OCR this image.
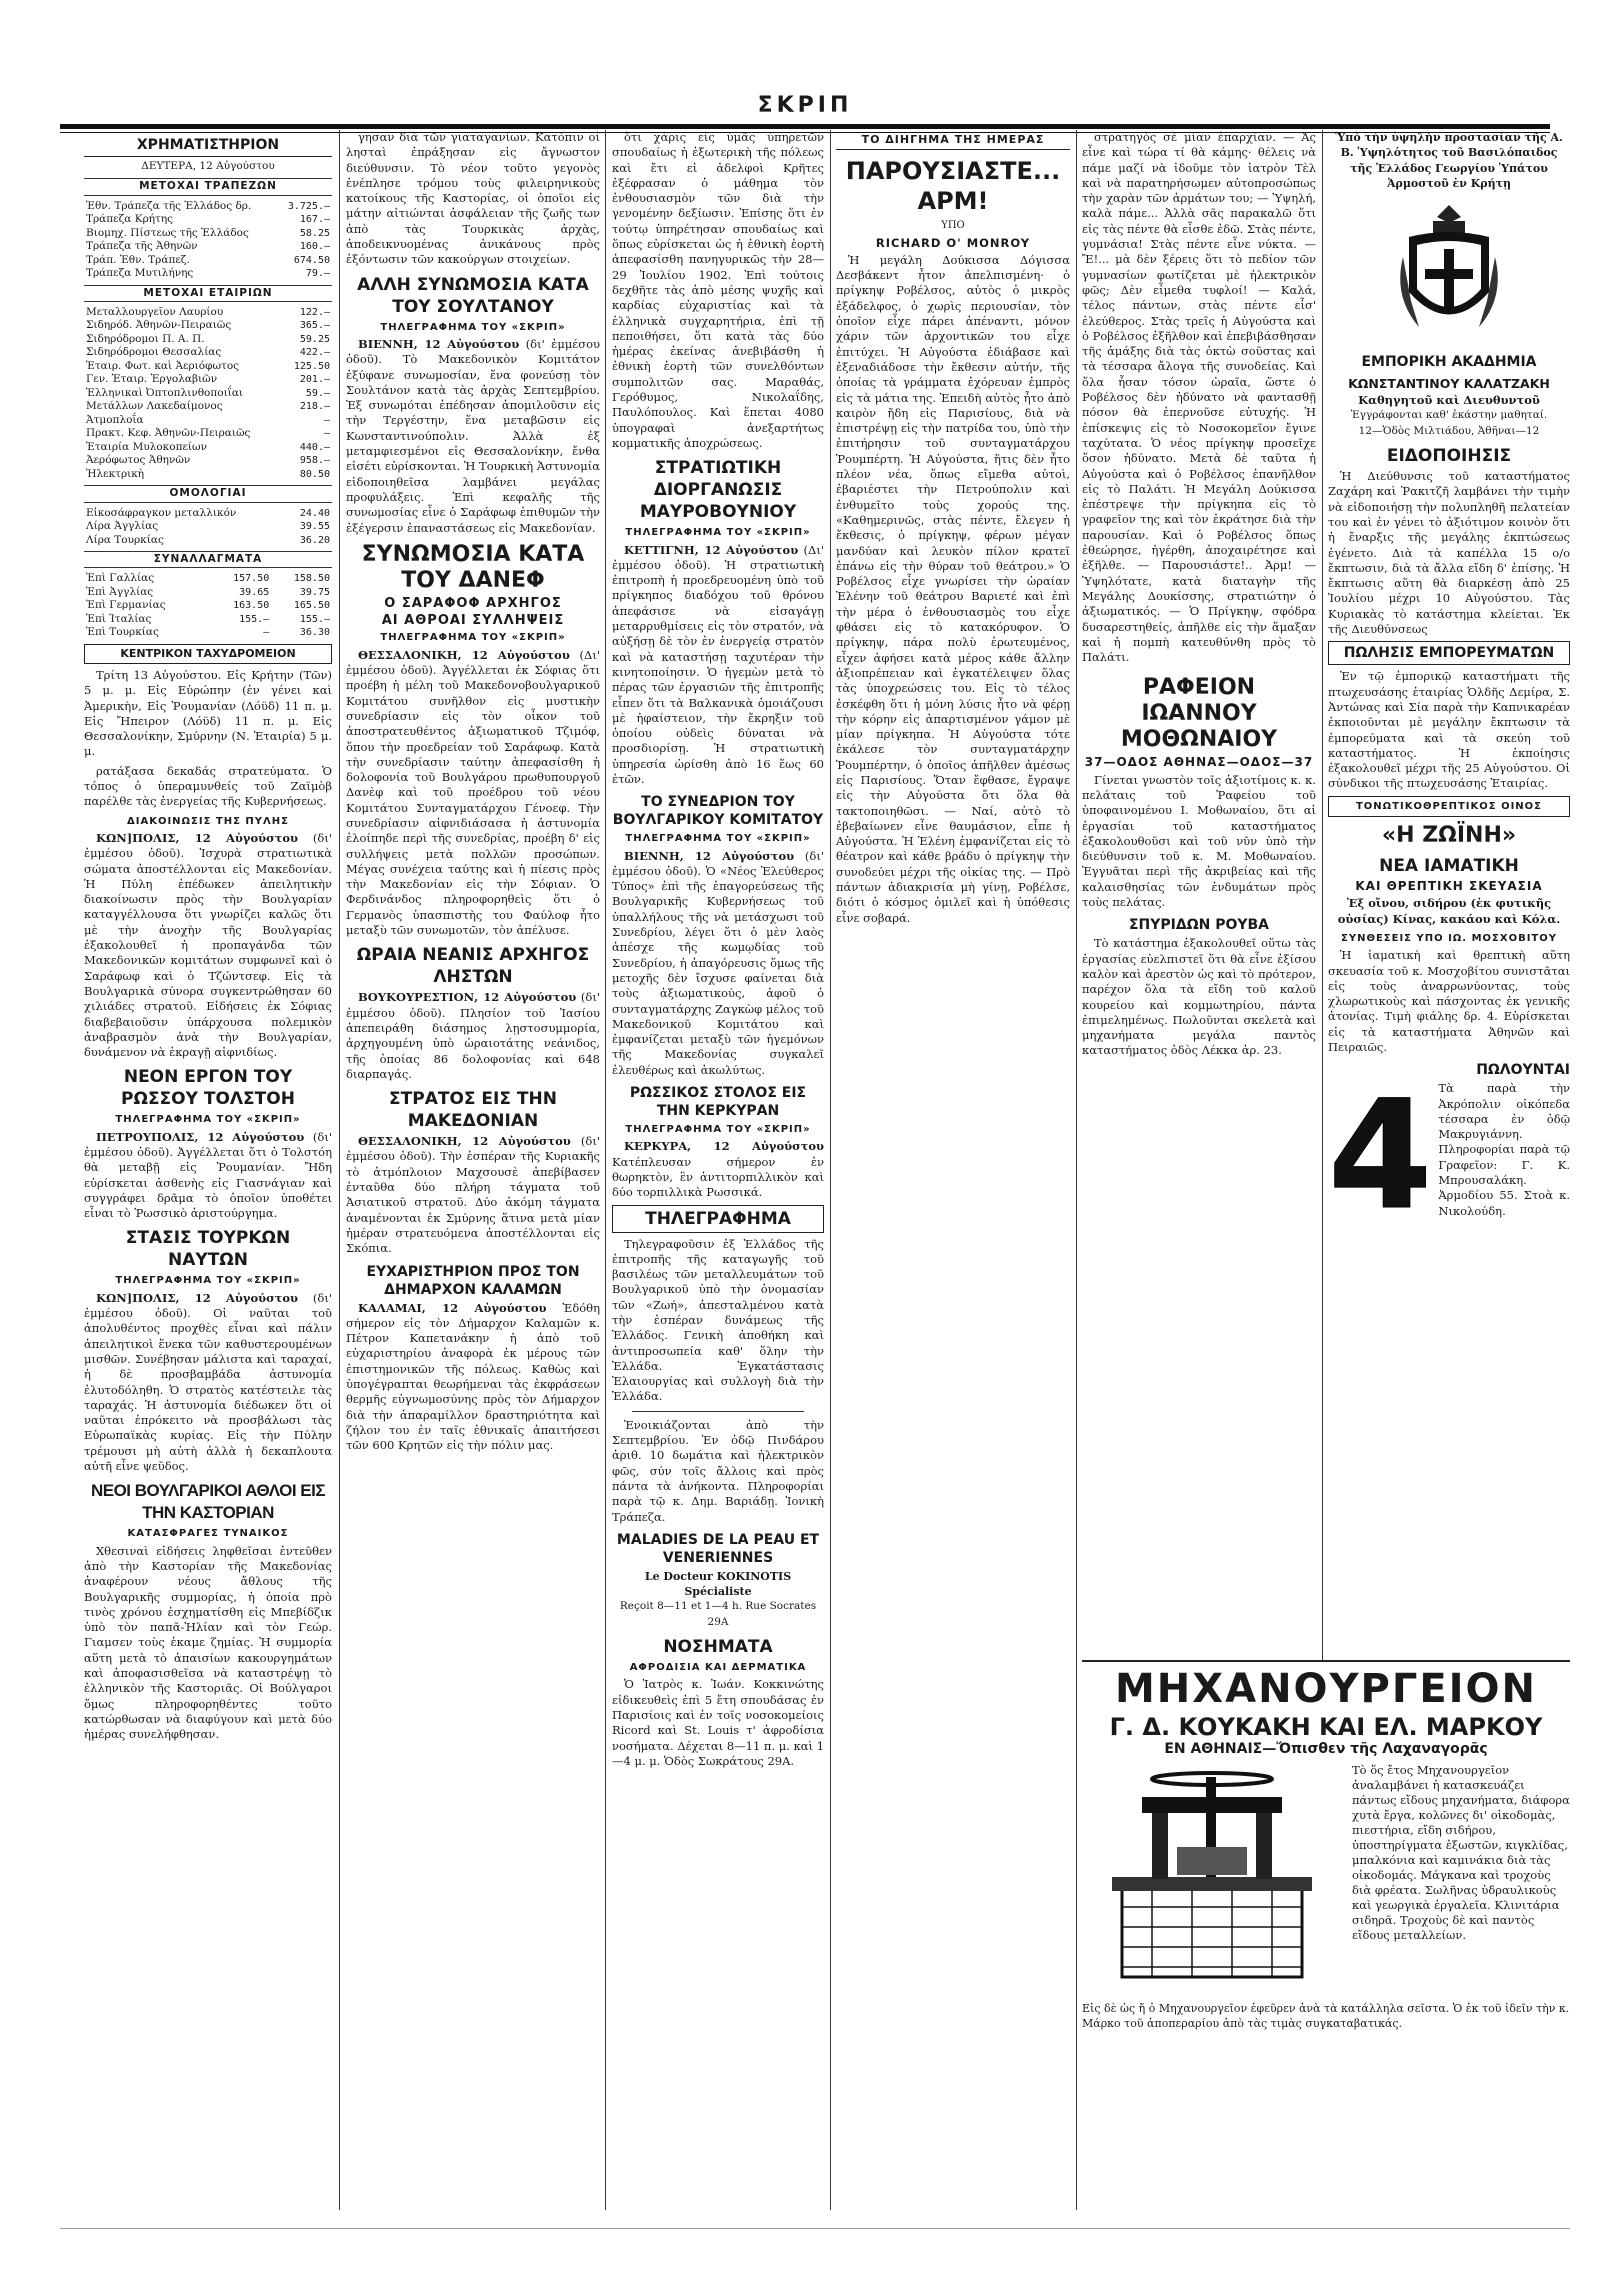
ΣΚΡΙΠ
ΧΡΗΜΑΤΙΣΤΗΡΙΟΝ
ΔΕΥΤΕΡΑ, 12 Αὐγούστου
ΜΕΤΟΧΑΙ ΤΡΑΠΕΖΩΝ
Ἐθν. Τράπεζα τῆς Ἑλλάδος δρ.	3.725.—
Τράπεζα Κρήτης	167.—
Βιομηχ. Πίστεως τῆς Ἑλλάδος	58.25
Τράπεζα τῆς Ἀθηνῶν	160.—
Τράπ. Ἐθν. Τράπεζ.	674.50
Τράπεζα Μυτιλήνης	79.—
ΜΕΤΟΧΑΙ ΕΤΑΙΡΙΩΝ
Μεταλλουργεῖον Λαυρίου	122.—
Σιδηρόδ. Ἀθηνῶν-Πειραιῶς	365.—
Σιδηρόδρομοι Π. Α. Π.	59.25
Σιδηρόδρομοι Θεσσαλίας	422.—
Ἑταιρ. Φωτ. καὶ Ἀεριόφωτος	125.50
Γεν. Ἑταιρ. Ἐργολαβιῶν	201.—
Ἑλληνικαὶ Ὀπτοπλινθοποιΐαι	59.—
Μετάλλων Λακεδαίμονος	218.—
Ἀτμοπλοΐα	—
Πρακτ. Κεφ. Ἀθηνῶν-Πειραιῶς	—
Ἑταιρία Μυλοκοπείων	440.—
Ἀερόφωτος Ἀθηνῶν	958.—
Ἠλεκτρικὴ	80.50
ΟΜΟΛΟΓΙΑΙ
Εἰκοσάφραγκον μεταλλικόν	24.40
Λίρα Ἀγγλίας	39.55
Λίρα Τουρκίας	36.20
ΣΥΝΑΛΛΑΓΜΑΤΑ
Ἐπὶ Γαλλίας	157.50	158.50
Ἐπὶ Ἀγγλίας	39.65	39.75
Ἐπὶ Γερμανίας	163.50	165.50
Ἐπὶ Ἰταλίας	155.—	155.—
Ἐπὶ Τουρκίας	—	36.30
ΚΕΝΤΡΙΚΟΝ ΤΑΧΥΔΡΟΜΕΙΟΝ

Τρίτη 13 Αὐγούστου. Εἰς Κρήτην (Τῶν) 5 μ. μ. Εἰς Εὐρώπην (ἐν γένει καὶ Ἀμερικὴν, Εἰς Ῥουμανίαν (Λόϋδ) 11 π. μ. Εἰς Ἤπειρον (Λόϋδ) 11 π. μ. Εἰς Θεσσαλονίκην, Σμύρνην (Ν. Ἑταιρία) 5 μ. μ.

ρατάξασα δεκαδάς στρατεύματα. Ὁ τόπος ὁ ὑπεραμυνθείς τοῦ Ζαϊμὸβ παρέλθε τὰς ἐνεργείας τῆς Κυβερνήσεως.

ΔΙΑΚΟΙΝΩΣΙΣ ΤΗΣ ΠΥΛΗΣ

ΚΩΝ]ΠΟΛΙΣ, 12 Αὐγούστου (δι' ἐμμέσου ὁδοῦ). Ἰσχυρὰ στρατιωτικὰ σώματα ἀποστέλλονται εἰς Μακεδονίαν. Ἡ Πύλη ἐπέδωκεν ἀπειλητικὴν διακοίνωσιν πρὸς τὴν Βουλγαρίαν καταγγέλλουσα ὅτι γνωρίζει καλῶς ὅτι μὲ τὴν ἀνοχὴν τῆς Βουλγαρίας ἐξακολουθεῖ ἡ προπαγάνδα τῶν Μακεδονικῶν κομιτάτων συμφωνεῖ καὶ ὁ Σαράφωφ καὶ ὁ Τζώντσεφ. Εἰς τὰ Βουλγαρικὰ σύνορα συγκεντρώθησαν 60 χιλιάδες στρατοῦ. Εἰδήσεις ἐκ Σόφιας διαβεβαιοῦσιν ὑπάρχουσα πολεμικὸν ἀναβρασμὸν ἀνὰ τὴν Βουλγαρίαν, δυνάμενον νὰ ἐκραγῇ αἰφνιδίως.

ΝΕΟΝ ΕΡΓΟΝ ΤΟΥ ΡΩΣΣΟΥ ΤΟΛΣΤΟΗ
ΤΗΛΕΓΡΑΦΗΜΑ ΤΟΥ «ΣΚΡΙΠ»

ΠΕΤΡΟΥΠΟΛΙΣ, 12 Αὐγούστου (δι' ἐμμέσου ὁδοῦ). Ἀγγέλλεται ὅτι ὁ Τολστόη θὰ μεταβῇ εἰς Ῥουμανίαν. Ἤδη εὐρίσκεται ἀσθενὴς εἰς Γιασνάγιαν καὶ συγγράφει δρᾶμα τὸ ὁποῖον ὑποθέτει εἶναι τὸ Ῥωσσικὸ ἀριστούργημα.

ΣΤΑΣΙΣ ΤΟΥΡΚΩΝ ΝΑΥΤΩΝ
ΤΗΛΕΓΡΑΦΗΜΑ ΤΟΥ «ΣΚΡΙΠ»

ΚΩΝ]ΠΟΛΙΣ, 12 Αὐγούστου (δι' ἐμμέσου ὁδοῦ). Οἱ ναῦται τοῦ ἀπολυθέντος προχθὲς εἶναι καὶ πάλιν ἀπειλητικοὶ ἕνεκα τῶν καθυστερουμένων μισθῶν. Συνέβησαν μάλιστα καὶ ταραχαί, ἡ δὲ προσβαμβάδα ἀστυνομία ἐλυτοδόληθη. Ὁ στρατὸς κατέστειλε τὰς ταραχάς. Ἡ ἀστυνομία διέδωκεν ὅτι οἱ ναῦται ἐπρόκειτο νὰ προσβάλωσι τὰς Εὐρωπαϊκὰς κυρίας. Εἰς τὴν Πύλην τρέμουσι μὴ αὐτὴ ἀλλὰ ἡ δεκαπλουτα αὐτῆ εἶνε ψεῦδος.

ΝΕΟΙ ΒΟΥΛΓΑΡΙΚΟΙ ΑΘΛΟΙ ΕΙΣ ΤΗΝ ΚΑΣΤΟΡΙΑΝ
ΚΑΤΑΣΦΡΑΓΕΣ ΤΥΝΑΙΚΟΣ

Χθεσιναὶ εἰδήσεις ληφθεῖσαι ἐντεῦθεν ἀπὸ τὴν Καστορίαν τῆς Μακεδονίας ἀναφέρουν νέους ἄθλους τῆς Βουλγαρικῆς συμμορίας, ἡ ὁποία πρὸ τινὸς χρόνου ἐσχηματίσθη εἰς Μπεβίδζικ ὑπὸ τὸν παπᾶ-Ἠλίαν καὶ τὸν Γεώρ. Γιαμσεν τοὺς ἐκαμε ζημίας. Ἡ συμμορία αὕτη μετὰ τὸ ἀπαισίων κακουργημάτων καὶ ἀποφασισθεῖσα νὰ καταστρέψῃ τὸ ἐλληνικὸν τῆς Καστοριᾶς. Οἱ Βούλγαροι ὅμως πληροφορηθέντες τοῦτο κατώρθωσαν νὰ διαφύγουν καὶ μετὰ δύο ἡμέρας συνελήφθησαν.

γησαν διὰ τῶν γιαταγανίων. Κατόπιν οἱ λησταὶ ἐπράξησαν εἰς ἄγνωστον διεύθυνσιν. Τὸ νέον τοῦτο γεγονὸς ἐνέπλησε τρόμου τοὺς φιλειρηνικοὺς κατοίκους τῆς Καστορίας, οἱ ὁποῖοι εἰς μάτην αἰτιώνται ἀσφάλειαν τῆς ζωῆς των ἀπὸ τὰς Τουρκικὰς ἀρχὰς, ἀποδεικνυομένας ἀνικάνους πρὸς ἐξόντωσιν τῶν κακούργων στοιχείων.

ΑΛΛΗ ΣΥΝΩΜΟΣΙΑ ΚΑΤΑ ΤΟΥ ΣΟΥΛΤΑΝΟΥ
ΤΗΛΕΓΡΑΦΗΜΑ ΤΟΥ «ΣΚΡΙΠ»

ΒΙΕΝΝΗ, 12 Αὐγούστου (δι' ἐμμέσου ὁδοῦ). Τὸ Μακεδονικὸν Κομιτάτον ἐξύφανε συνωμοσίαν, ἕνα φονεύσῃ τὸν Σουλτάνον κατὰ τὰς ἀρχὰς Σεπτεμβρίου. Ἐξ συνωμόται ἐπέδησαν ἀπομιλοῦσιν εἰς τὴν Τεργέστην, ἕνα μεταβῶσιν εἰς Κωνσταντινούπολιν. Ἀλλὰ ἐξ μεταμφιεσμένοι εἰς Θεσσαλονίκην, ἔνθα εἰσέτι εὑρίσκονται. Ἡ Τουρκικὴ Ἀστυνομία εἰδοποιηθεῖσα λαμβάνει μεγάλας προφυλάξεις. Ἐπὶ κεφαλῆς τῆς συνωμοσίας εἶνε ὁ Σαράφωφ ἐπιθυμῶν τὴν ἐξέγερσιν ἐπαναστάσεως εἰς Μακεδονίαν.

ΣΥΝΩΜΟΣΙΑ ΚΑΤΑ ΤΟΥ ΔΑΝΕΦ
Ο ΣΑΡΑΦΟΦ ΑΡΧΗΓΟΣ
ΑΙ ΑΘΡΟΑΙ ΣΥΛΛΗΨΕΙΣ
ΤΗΛΕΓΡΑΦΗΜΑ ΤΟΥ «ΣΚΡΙΠ»

ΘΕΣΣΑΛΟΝΙΚΗ, 12 Αὐγούστου (Δι' ἐμμέσου ὁδοῦ). Ἀγγέλλεται ἐκ Σόφιας ὅτι προέβη ἡ μέλη τοῦ Μακεδονοβουλγαρικοῦ Κομιτάτου συνῆλθον εἰς μυστικὴν συνεδρίασιν εἰς τὸν οἶκον τοῦ ἀποστρατευθέντος ἀξιωματικοῦ Τζιμόφ, ὅπου τὴν προεδρείαν τοῦ Σαράφωφ. Κατὰ τὴν συνεδρίασιν ταύτην ἀπεφασίσθη ἡ δολοφονία τοῦ Βουλγάρου πρωθυπουργοῦ Δανὲφ καὶ τοῦ προέδρου τοῦ νέου Κομιτάτου Συνταγματάρχου Γένοεφ. Τὴν συνεδρίασιν αἰφνιδιάσασα ἡ ἀστυνομία ἐλοίπηδε περὶ τῆς συνεδρίας, προέβη δ' εἰς συλλήψεις μετὰ πολλῶν προσώπων. Μέγας συνέχεια ταύτης καὶ ἡ πίεσις πρὸς τὴν Μακεδονίαν εἰς τὴν Σόφιαν. Ὁ Φερδινάνδος πληροφορηθεὶς ὅτι ὁ Γερμανὸς ὑπασπιστὴς του Φαύλοφ ἦτο μεταξὺ τῶν συνωμοτῶν, τὸν ἀπέλυσε.

ΩΡΑΙΑ ΝΕΑΝΙΣ ΑΡΧΗΓΟΣ ΛΗΣΤΩΝ

ΒΟΥΚΟΥΡΕΣΤΙΟΝ, 12 Αὐγούστου (δι' ἐμμέσου ὁδοῦ). Πλησίον τοῦ Ἰασίου ἀπεπειράθη διάσημος λῃστοσυμμορία, ἀρχηγουμένη ὑπὸ ὡραιοτάτης νεάνιδος, τῆς ὁποίας 86 δολοφονίας καὶ 648 διαρπαγάς.

ΣΤΡΑΤΟΣ ΕΙΣ ΤΗΝ ΜΑΚΕΔΟΝΙΑΝ

ΘΕΣΣΑΛΟΝΙΚΗ, 12 Αὐγούστου (δι' ἐμμέσου ὁδοῦ). Τὴν ἐσπέραν τῆς Κυριακῆς τὸ ἀτμόπλοιον Μαχσουσὲ ἀπεβίβασεν ἐνταῦθα δύο πλήρη τάγματα τοῦ Ἀσιατικοῦ στρατοῦ. Δύο ἀκόμη τάγματα ἀναμένονται ἐκ Σμύρνης ἅτινα μετὰ μίαν ἡμέραν στρατευόμενα ἀποστέλλονται εἰς Σκόπια.

ΕΥΧΑΡΙΣΤΗΡΙΟΝ ΠΡΟΣ ΤΟΝ ΔΗΜΑΡΧΟΝ ΚΑΛΑΜΩΝ

ΚΑΛΑΜΑΙ, 12 Αὐγούστου Ἐδόθη σήμερον εἰς τὸν Δήμαρχον Καλαμῶν κ. Πέτρον Καπετανάκην ἡ ἀπὸ τοῦ εὐχαριστηρίου ἀναφορὰ ἐκ μέρους τῶν ἐπιστημονικῶν τῆς πόλεως. Καθὼς καὶ ὑπογέγραπται θεωρήμεναι τὰς ἐκφράσεων θερμῆς εὐγνωμοσύνης πρὸς τὸν Δήμαρχον διὰ τὴν ἀπαραμίλλον δραστηριότητα καὶ ζήλον του ἐν ταῖς ἐθνικαῖς ἀπαιτήσεσι τῶν 600 Κρητῶν εἰς τὴν πόλιν μας.

ὅτι χάρις εἰς ὑμᾶς ὑπηρετῶν σπουδαίως ἡ ἐξωτερικὴ τῆς πόλεως καὶ ἔτι εἰ ἀδελφοὶ Κρῆτες ἐξέφρασαν ὁ μάθημα τὸν ἐνθουσιασμὸν τῶν διὰ τὴν γενομένην δεξίωσιν. Ἐπίσης ὅτι ἐν τούτῳ ὑπηρέτησαν σπουδαίως καὶ ὅπως εὑρίσκεται ὡς ἡ ἐθνικὴ ἑορτὴ ἀπεφασίσθη πανηγυρικῶς τὴν 28—29 Ἰουλίου 1902. Ἐπὶ τούτοις δεχθῆτε τὰς ἀπὸ μέσης ψυχῆς καὶ καρδίας εὐχαριστίας καὶ τὰ ἑλληνικὰ συγχαρητήρια, ἐπὶ τῇ πεποιθήσει, ὅτι κατὰ τὰς δύο ἡμέρας ἐκείνας ἀνεβιβάσθη ἡ ἐθνικὴ ἑορτὴ τῶν συνελθόντων συμπολιτῶν σας. Μαραθάς, Γερόθυμος, Νικολαΐδης, Παυλόπουλος. Καὶ ἕπεται 4080 ὑπογραφαὶ ἀνεξαρτήτως κομματικῆς ἀποχρώσεως.

ΣΤΡΑΤΙΩΤΙΚΗ ΔΙΟΡΓΑΝΩΣΙΣ ΜΑΥΡΟΒΟΥΝΙΟΥ
ΤΗΛΕΓΡΑΦΗΜΑ ΤΟΥ «ΣΚΡΙΠ»

ΚΕΤΤΙΓΝΗ, 12 Αὐγούστου (Δι' ἐμμέσου ὁδοῦ). Ἡ στρατιωτικὴ ἐπιτροπὴ ἡ προεδρευομένη ὑπὸ τοῦ πρίγκηπος διαδόχου τοῦ θρόνου ἀπεφάσισε νὰ εἰσαγάγῃ μεταρρυθμίσεις εἰς τὸν στρατόν, νὰ αὐξήσῃ δὲ τὸν ἐν ἐνεργείᾳ στρατὸν καὶ νὰ καταστήσῃ ταχυτέραν τὴν κινητοποίησιν. Ὁ ἠγεμὼν μετὰ τὸ πέρας τῶν ἐργασιῶν τῆς ἐπιτροπῆς εἶπεν ὅτι τὰ Βαλκανικὰ ὁμοιάζουσι μὲ ἡφαίστειον, τὴν ἔκρηξιν τοῦ ὁποίου οὐδεὶς δύναται νὰ προσδιορίσῃ. Ἡ στρατιωτικὴ ὑπηρεσία ὡρίσθη ἀπὸ 16 ἕως 60 ἐτῶν.

ΤΟ ΣΥΝΕΔΡΙΟΝ ΤΟΥ ΒΟΥΛΓΑΡΙΚΟΥ ΚΟΜΙΤΑΤΟΥ
ΤΗΛΕΓΡΑΦΗΜΑ ΤΟΥ «ΣΚΡΙΠ»

ΒΙΕΝΝΗ, 12 Αὐγούστου (δι' ἐμμέσου ὁδοῦ). Ὁ «Νέος Ἐλεύθερος Τύπος» ἐπὶ τῆς ἐπαγορεύσεως τῆς Βουλγαρικῆς Κυβερνήσεως τοῦ ὑπαλλήλους τῆς νὰ μετάσχωσι τοῦ Συνεδρίου, λέγει ὅτι ὁ μὲν λαὸς ἀπέσχε τῆς κωμῳδίας τοῦ Συνεδρίου, ἡ ἀπαγόρευσις ὅμως τῆς μετοχῆς δὲν ἴσχυσε φαίνεται διὰ τοὺς ἀξιωματικούς, ἀφοῦ ὁ συνταγματάρχης Ζαγκὼφ μέλος τοῦ Μακεδονικοῦ Κομιτάτου καὶ ἐμφανίζεται μεταξὺ τῶν ἡγεμόνων τῆς Μακεδονίας συγκαλεῖ ἐλευθέρως καὶ ἀκωλύτως.

ΡΩΣΣΙΚΟΣ ΣΤΟΛΟΣ ΕΙΣ ΤΗΝ ΚΕΡΚΥΡΑΝ
ΤΗΛΕΓΡΑΦΗΜΑ ΤΟΥ «ΣΚΡΙΠ»

ΚΕΡΚΥΡΑ, 12 Αὐγούστου Κατέπλευσαν σήμερον ἐν θωρηκτὸν, ἓν ἀντιτορπιλλικὸν καὶ δύο τορπιλλικὰ Ρωσσικά.

ΤΗΛΕΓΡΑΦΗΜΑ

Τηλεγραφοῦσιν ἐξ Ἑλλάδος τῆς ἐπιτροπῆς τῆς καταγωγῆς τοῦ βασιλέως τῶν μεταλλευμάτων τοῦ Βουλγαρικοῦ ὑπὸ τὴν ὀνομασίαν τῶν «Ζωή», ἀπεσταλμένου κατὰ τὴν ἐσπέραν δυνάμεως τῆς Ἑλλάδος. Γενικὴ ἀποθήκη καὶ ἀντιπροσωπεία καθ' ὅλην τὴν Ἑλλάδα. Ἐγκατάστασις Ἐλαιουργίας καὶ συλλογὴ διὰ τὴν Ἑλλάδα.

Ἐνοικιάζονται ἀπὸ τὴν Σεπτεμβρίου. Ἐν ὁδῷ Πινδάρου ἀριθ. 10 δωμάτια καὶ ἠλεκτρικὸν φῶς, σύν τοῖς ἄλλοις καὶ πρὸς πάντα τὰ ἀνήκοντα. Πληροφορίαι παρὰ τῷ κ. Δημ. Βαριάδῃ. Ἰονικὴ Τράπεζα.

MALADIES DE LA PEAU ET VENERIENNES
Le Docteur KOKINOTIS Spécialiste
Reçoit 8—11 et 1—4 h. Rue Socrates 29A
ΝΟΣΗΜΑΤΑ
ΑΦΡΟΔΙΣΙΑ ΚΑΙ ΔΕΡΜΑΤΙΚΑ

Ὁ Ἰατρὸς κ. Ἰωάν. Κοκκινώτης εἰδικευθεὶς ἐπὶ 5 ἔτη σπουδάσας ἐν Παρισίοις καὶ ἐν τοῖς νοσοκομείοις Ricord καὶ St. Louis τ' ἀφροδίσια νοσήματα. Δέχεται 8—11 π. μ. καὶ 1—4 μ. μ. Ὁδὸς Σωκράτους 29Α.

ΤΟ ΔΙΗΓΗΜΑ ΤΗΣ ΗΜΕΡΑΣ
ΠΑΡΟΥΣΙΑΣΤΕ... ΑΡΜ!
ΥΠΟ
RICHARD O' MONROY

Ἡ μεγάλη Δούκισσα Δόγισσα Δεσβάκεντ ἦτον ἀπελπισμένη· ὁ πρίγκηψ Ροβέλσος, αὐτὸς ὁ μικρὸς ἐξάδελφος, ὁ χωρὶς περιουσίαν, τὸν ὁποῖον εἶχε πάρει ἀπέναντι, μόνον χάριν τῶν ἀρχοντικῶν του εἶχε ἐπιτύχει. Ἡ Αὐγούστα ἐδιάβασε καὶ ἐξεναδιάδοσε τὴν ἔκθεσιν αὐτήν, τῆς ὁποίας τὰ γράμματα ἐχόρευαν ἐμπρὸς εἰς τὰ μάτια της. Ἐπειδὴ αὐτὸς ἦτο ἀπὸ καιρὸν ἤδη εἰς Παρισίους, διὰ νὰ ἐπιστρέψῃ εἰς τὴν πατρίδα του, ὑπὸ τὴν ἐπιτήρησιν τοῦ συνταγματάρχου Ῥουμπέρτη. Ἡ Αὐγούστα, ἥτις δὲν ἦτο πλέον νέα, ὅπως εἴμεθα αὐτοὶ, ἐβαριέστει τὴν Πετρούπολιν καὶ ἐνθυμεῖτο τοὺς χορούς της. «Καθημερινῶς, στὰς πέντε, ἔλεγεν ἡ ἔκθεσις, ὁ πρίγκηψ, φέρων μέγαν μανδύαν καὶ λευκὸν πίλον κρατεῖ ἐπάνω εἰς τὴν θύραν τοῦ θεάτρου.» Ὁ Ροβέλσος εἶχε γνωρίσει τὴν ὡραίαν Ἐλένην τοῦ θεάτρου Βαριετέ καὶ ἐπὶ τὴν μέρα ὁ ἐνθουσιασμὸς του εἶχε φθάσει εἰς τὸ κατακόρυφον. Ὁ πρίγκηψ, πάρα πολὺ ἐρωτευμένος, εἶχεν ἀφήσει κατὰ μέρος κάθε ἄλλην ἀξιοπρέπειαν καὶ ἐγκατέλειψεν ὅλας τὰς ὑποχρεώσεις του. Εἰς τὸ τέλος ἐσκέφθη ὅτι ἡ μόνη λύσις ἦτο νὰ φέρῃ τὴν κόρην εἰς ἀπαρτισμένον γάμον μὲ μίαν πρίγκηπα. Ἡ Αὐγούστα τότε ἐκάλεσε τὸν συνταγματάρχην Ῥουμπέρτην, ὁ ὁποῖος ἀπῆλθεν ἀμέσως εἰς Παρισίους. Ὅταν ἔφθασε, ἔγραψε εἰς τὴν Αὐγούστα ὅτι ὅλα θὰ τακτοποιηθῶσι. — Ναί, αὐτὸ τὸ ἐβεβαίωνεν εἶνε θαυμάσιον, εἶπε ἡ Αὐγούστα. Ἡ Ἐλένη ἐμφανίζεται εἰς τὸ θέατρον καὶ κάθε βράδυ ὁ πρίγκηψ τὴν συνοδεύει μέχρι τῆς οἰκίας της. — Πρὸ πάντων ἀδιακρισία μὴ γίνῃ, Ροβέλσε, διότι ὁ κόσμος ὁμιλεῖ καὶ ἡ ὑπόθεσις εἶνε σοβαρά.

στρατηγὸς σὲ μίαν ἐπαρχίαν. — Ἀς εἶνε καὶ τώρα τί θὰ κάμης· θέλεις νὰ πάμε μαζί νὰ ἰδοῦμε τὸν ἰατρὸν Τὲλ καὶ νὰ παρατηρήσωμεν αὐτοπροσώπως τὴν χαρὰν τῶν ἀρμάτων του; — Ὑψηλή, καλὰ πάμε... Ἀλλὰ σᾶς παρακαλῶ ὅτι εἰς τὰς πέντε θὰ εἶσθε ἐδῶ. Στὰς πέντε, γυμνάσια! Στὰς πέντε εἶνε νύκτα. — Ἔ!... μὰ δὲν ξέρεις ὅτι τὸ πεδίον τῶν γυμνασίων φωτίζεται μὲ ἠλεκτρικὸν φῶς; Δὲν εἶμεθα τυφλοί! — Καλά, τέλος πάντων, στὰς πέντε εἶσ' ἐλεύθερος. Στὰς τρεῖς ἡ Αὐγούστα καὶ ὁ Ροβέλσος ἐξῆλθον καὶ ἐπεβιβάσθησαν τῆς ἁμάξης διὰ τὰς ὀκτὼ σοῦστας καὶ τὰ τέσσαρα ἄλογα τῆς συνοδείας. Καὶ ὅλα ἦσαν τόσον ὡραῖα, ὥστε ὁ Ροβέλσος δὲν ἠδύνατο νὰ φαντασθῇ πόσον θὰ ἐπερνοῦσε εὐτυχής. Ἡ ἐπίσκεψις εἰς τὸ Νοσοκομεῖον ἔγινε ταχύτατα. Ὁ νέος πρίγκηψ προσεῖχε ὅσον ἠδύνατο. Μετὰ δὲ ταῦτα ἡ Αὐγούστα καὶ ὁ Ροβέλσος ἐπανῆλθον εἰς τὸ Παλάτι. Ἡ Μεγάλη Δούκισσα ἐπέστρεψε τὴν πρίγκηπα εἰς τὸ γραφεῖον της καὶ τὸν ἐκράτησε διὰ τὴν παρουσίαν. Καὶ ὁ Ροβέλσος ὅπως ἐθεώρησε, ἠγέρθη, ἀποχαιρέτησε καὶ ἐξῆλθε. — Παρουσιάστε!.. Ἀρμ! — Ὑψηλότατε, κατὰ διαταγὴν τῆς Μεγάλης Δουκίσσης, στρατιώτην ὁ ἀξιωματικός. — Ὁ Πρίγκηψ, σφόδρα δυσαρεστηθείς, ἀπῆλθε εἰς τὴν ἅμαξαν καὶ ἡ πομπὴ κατευθύνθη πρὸς τὸ Παλάτι.

ΡΑΦΕΙΟΝ ΙΩΑΝΝΟΥ ΜΟΘΩΝΑΙΟΥ
37—ΟΔΟΣ ΑΘΗΝΑΣ—ΟΔΟΣ—37

Γίνεται γνωστὸν τοῖς ἀξιοτίμοις κ. κ. πελάταις τοῦ Ῥαφείου τοῦ ὑποφαινομένου Ι. Μοθωναίου, ὅτι αἱ ἐργασίαι τοῦ καταστήματος ἐξακολουθοῦσι καὶ τοῦ νῦν ὑπὸ τὴν διεύθυνσιν τοῦ κ. Μ. Μοθωναίου. Ἐγγυᾶται περὶ τῆς ἀκριβείας καὶ τῆς καλαισθησίας τῶν ἐνδυμάτων πρὸς τοὺς πελάτας.

ΣΠΥΡΙΔΩΝ ΡΟΥΒΑ

Τὸ κατάστημα ἐξακολουθεῖ οὕτω τὰς ἐργασίας εὐελπιστεῖ ὅτι θὰ εἶνε ἐξίσου καλὸν καὶ ἀρεστὸν ὡς καὶ τὸ πρότερον, παρέχον ὅλα τὰ εἴδη τοῦ καλοῦ κουρείου καὶ κομμωτηρίου, πάντα ἐπιμελημένως. Πωλοῦνται σκελετὰ καὶ μηχανήματα μεγάλα παντὸς καταστήματος ὁδὸς Λέκκα ἀρ. 23.

Ὑπὸ τὴν ὑψηλὴν προστασίαν τῆς Α. Β. Ὑψηλότητος τοῦ Βασιλόπαιδος τῆς Ἑλλάδος Γεωργίου Ὑπάτου Ἁρμοστοῦ ἐν Κρήτῃ

ΕΜΠΟΡΙΚΗ ΑΚΑΔΗΜΙΑ
ΚΩΝΣΤΑΝΤΙΝΟΥ ΚΑΛΑΤΖΑΚΗ
Καθηγητοῦ καὶ Διευθυντοῦ
Ἐγγράφονται καθ' ἑκάστην μαθηταί.
12—Ὁδὸς Μιλτιάδου, Ἀθῆναι—12
ΕΙΔΟΠΟΙΗΣΙΣ

Ἡ Διεύθυνσις τοῦ καταστήματος Ζαχάρη καὶ Ῥακιτζῆ λαμβάνει τὴν τιμὴν νὰ εἰδοποιήσῃ τὴν πολυπληθῆ πελατείαν του καὶ ἐν γένει τὸ ἀξιότιμον κοινὸν ὅτι ἡ ἔναρξις τῆς μεγάλης ἐκπτώσεως ἐγένετο. Διὰ τὰ καπέλλα 15 ο/ο ἔκπτωσιν, διὰ τὰ ἄλλα εἴδη δ' ἐπίσης. Ἡ ἔκπτωσις αὕτη θὰ διαρκέσῃ ἀπὸ 25 Ἰουλίου μέχρι 10 Αὐγούστου. Τὰς Κυριακὰς τὸ κατάστημα κλείεται. Ἐκ τῆς Διευθύνσεως

ΠΩΛΗΣΙΣ ΕΜΠΟΡΕΥΜΑΤΩΝ

Ἐν τῷ ἐμπορικῷ καταστήματι τῆς πτωχευσάσης ἑταιρίας Ὀλδῆς Δεμίρα, Σ. Ἀντώνας καὶ Σία παρὰ τὴν Καπνικαρέαν ἐκποιοῦνται μὲ μεγάλην ἔκπτωσιν τὰ ἐμπορεύματα καὶ τὰ σκεύη τοῦ καταστήματος. Ἡ ἐκποίησις ἐξακολουθεῖ μέχρι τῆς 25 Αὐγούστου. Οἱ σύνδικοι τῆς πτωχευσάσης Ἑταιρίας.

ΤΟΝΩΤΙΚΟΘΡΕΠΤΙΚΟΣ ΟΙΝΟΣ
«Η ΖΩΪΝΗ»
ΝΕΑ ΙΑΜΑΤΙΚΗ
ΚΑΙ ΘΡΕΠΤΙΚΗ ΣΚΕΥΑΣΙΑ

Ἐξ οἴνου, σιδήρου (ἐκ φυτικῆς οὐσίας) Κίνας, κακάου καὶ Κόλα.

ΣΥΝΘΕΣΕΙΣ ΥΠΟ ΙΩ. ΜΟΣΧΟΒΙΤΟΥ

Ἡ ἰαματικὴ καὶ θρεπτικὴ αὕτη σκευασία τοῦ κ. Μοσχοβίτου συνιστᾶται εἰς τοὺς ἀναρρωνύοντας, τοὺς χλωρωτικοὺς καὶ πάσχοντας ἐκ γενικῆς ἀτονίας. Τιμὴ φιάλης δρ. 4. Εὑρίσκεται εἰς τὰ καταστήματα Ἀθηνῶν καὶ Πειραιῶς.

ΠΩΛΟΥΝΤΑΙ
4 Τὰ παρὰ τὴν Ἀκρόπολιν οἰκόπεδα τέσσαρα ἐν ὁδῷ Μακρυγιάννη. Πληροφορίαι παρὰ τῷ Γραφεῖον: Γ. Κ. Μπρουσαλάκη. Ἀρμοδίου 55. Στοὰ κ. Νικολούδη.

ΜΗΧΑΝΟΥΡΓΕΙΟΝ
Γ. Δ. ΚΟΥΚΑΚΗ ΚΑΙ ΕΛ. ΜΑΡΚΟΥ
ΕΝ ΑΘΗΝΑΙΣ—Ὄπισθεν τῆς Λαχαναγορᾶς

Τὸ ὅς ἔτος Μηχανουργεῖον ἀναλαμβάνει ἡ κατασκευάζει πάντως εἴδους μηχανήματα, διάφορα χυτὰ ἔργα, κολῶνες δι' οἰκοδομὰς, πιεστήρια, εἴδη σιδήρου, ὑποστηρίγματα ἐξωστῶν, κιγκλίδας, μπαλκόνια καὶ καμινάκια διὰ τὰς οἰκοδομάς. Μάγκανα καὶ τροχοὺς διὰ φρέατα. Σωλῆνας ὑδραυλικοὺς καὶ γεωργικὰ ἐργαλεῖα. Κλινιτάρια σιδηρᾶ. Τροχοὺς δὲ καὶ παντὸς εἴδους μεταλλείων.

Εἰς δὲ ὡς ἤ ὁ Μηχανουργεῖον ἐφεῦρεν ἀνὰ τὰ κατάλληλα σεῖστα. Ὁ ἐκ τοῦ ἰδεῖν τὴν κ. Μάρκο τοῦ ἀποπεραρίου ἀπὸ τὰς τιμὰς συγκαταβατικάς.
